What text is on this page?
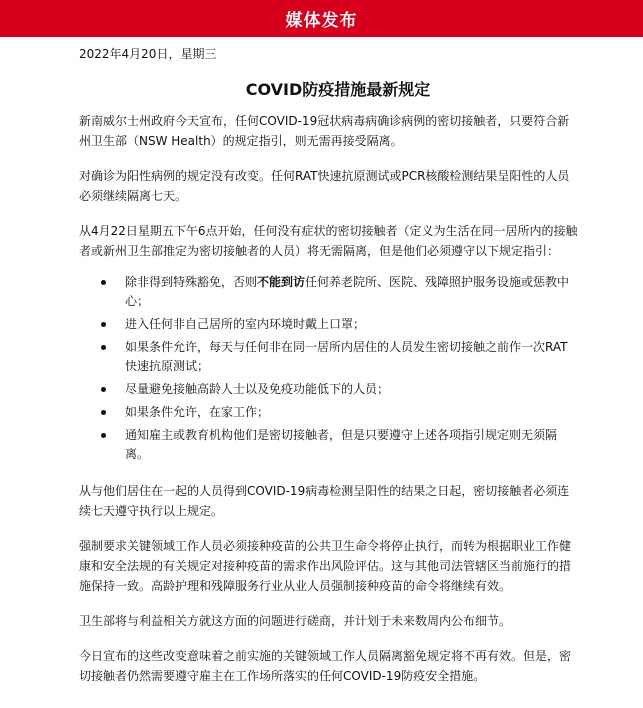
媒体发布

2022年4月20日，星期三

COVID防疫措施最新规定

新南威尔士州政府今天宣布，任何COVID-19冠状病毒病确诊病例的密切接触者，只要符合新州卫生部（NSW Health）的规定指引，则无需再接受隔离。

对确诊为阳性病例的规定没有改变。任何RAT快速抗原测试或PCR核酸检测结果呈阳性的人员必须继续隔离七天。

从4月22日星期五下午6点开始，任何没有症状的密切接触者（定义为生活在同一居所内的接触者或新州卫生部推定为密切接触者的人员）将无需隔离，但是他们必须遵守以下规定指引：

除非得到特殊豁免，否则不能到访任何养老院所、医院、残障照护服务设施或惩教中心；
进入任何非自己居所的室内环境时戴上口罩；
如果条件允许，每天与任何非在同一居所内居住的人员发生密切接触之前作一次RAT快速抗原测试；
尽量避免接触高龄人士以及免疫功能低下的人员；
如果条件允许，在家工作；
通知雇主或教育机构他们是密切接触者，但是只要遵守上述各项指引规定则无须隔离。

从与他们居住在一起的人员得到COVID-19病毒检测呈阳性的结果之日起，密切接触者必须连续七天遵守执行以上规定。

强制要求关键领域工作人员必须接种疫苗的公共卫生命令将停止执行，而转为根据职业工作健康和安全法规的有关规定对接种疫苗的需求作出风险评估。这与其他司法管辖区当前施行的措施保持一致。高龄护理和残障服务行业从业人员强制接种疫苗的命令将继续有效。

卫生部将与利益相关方就这方面的问题进行磋商，并计划于未来数周内公布细节。

今日宣布的这些改变意味着之前实施的关键领域工作人员隔离豁免规定将不再有效。但是，密切接触者仍然需要遵守雇主在工作场所落实的任何COVID-19防疫安全措施。
